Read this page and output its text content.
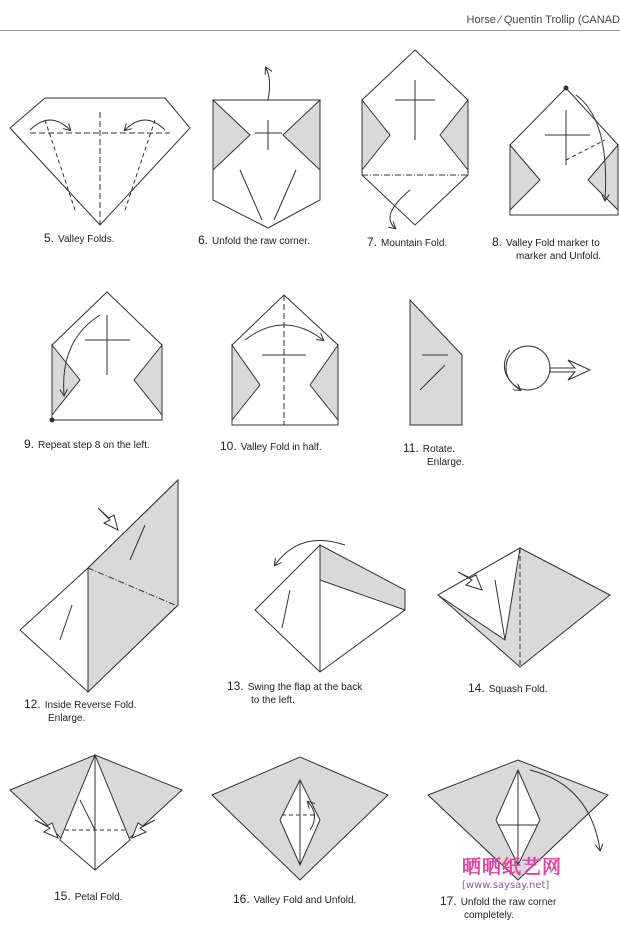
Horse ⁄ Quentin Trollip (CANAD
5. Valley Folds.	6. Unfold the raw corner.	7. Mountain Fold.	8. Valley Fold marker to
marker and Unfold.
9. Repeat step 8 on the left.	10. Valley Fold in half.	11. Rotate.
Enlarge.
12. Inside Reverse Fold.
Enlarge.
13. Swing the flap at the back
to the left.
14. Squash Fold.
15. Petal Fold.	16. Valley Fold and Unfold.	17. Unfold the raw corner
completely.
晒晒纸艺网
[www.saysay.net]
